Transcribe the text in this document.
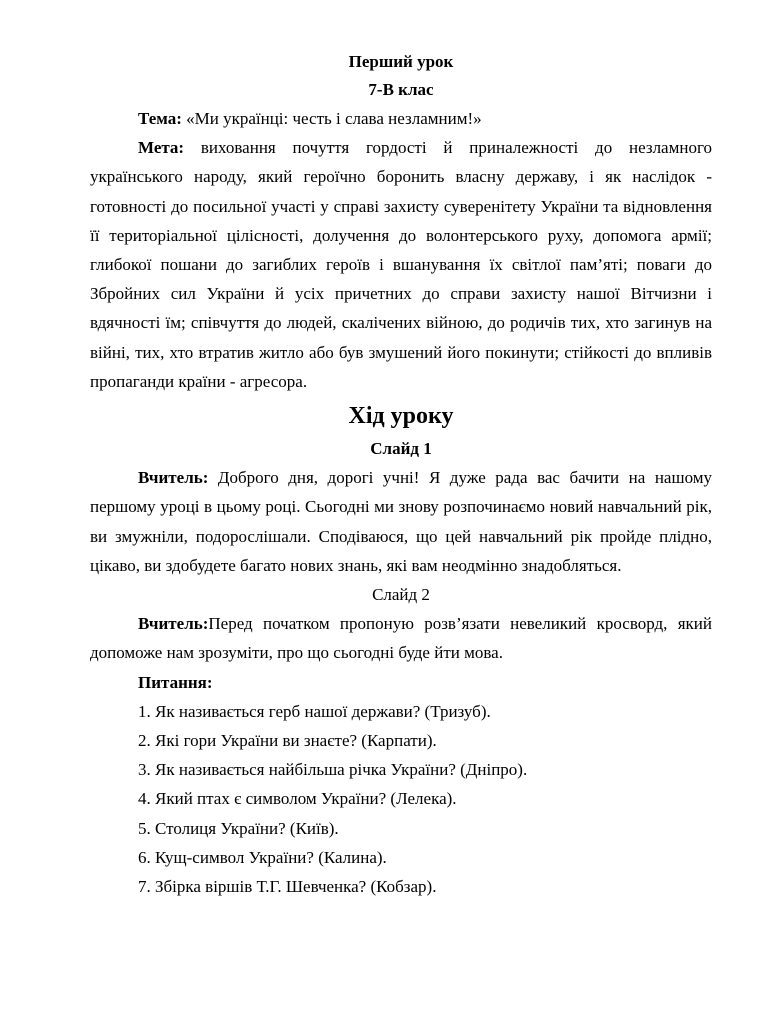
Перший урок

7-В клас

Тема: «Ми українці: честь і слава незламним!»

Мета: виховання почуття гордості й приналежності до незламного українського народу, який героїчно боронить власну державу, і як наслідок - готовності до посильної участі у справі захисту суверенітету України та відновлення її територіальної цілісності, долучення до волонтерського руху, допомога армії; глибокої пошани до загиблих героїв і вшанування їх світлої пам’яті; поваги до Збройних сил України й усіх причетних до справи захисту нашої Вітчизни і вдячності їм; співчуття до людей, скалічених війною, до родичів тих, хто загинув на війні, тих, хто втратив житло або був змушений його покинути; стійкості до впливів пропаганди країни - агресора.

Хід уроку

Слайд 1

Вчитель: Доброго дня, дорогі учні! Я дуже рада вас бачити на нашому першому уроці в цьому році. Сьогодні ми знову розпочинаємо новий навчальний рік, ви змужніли, подорослішали. Сподіваюся, що цей навчальний рік пройде плідно, цікаво, ви здобудете багато нових знань, які вам неодмінно знадобляться.

Слайд 2

Вчитель:Перед початком пропоную розв’язати невеликий кросворд, який допоможе нам зрозуміти, про що сьогодні буде йти мова.

Питання:

1. Як називається герб нашої держави? (Тризуб).

2. Які гори України ви знаєте? (Карпати).

3. Як називається найбільша річка України? (Дніпро).

4. Який птах є символом України? (Лелека).

5. Столиця України? (Київ).

6. Кущ-символ України? (Калина).

7. Збірка віршів Т.Г. Шевченка? (Кобзар).
